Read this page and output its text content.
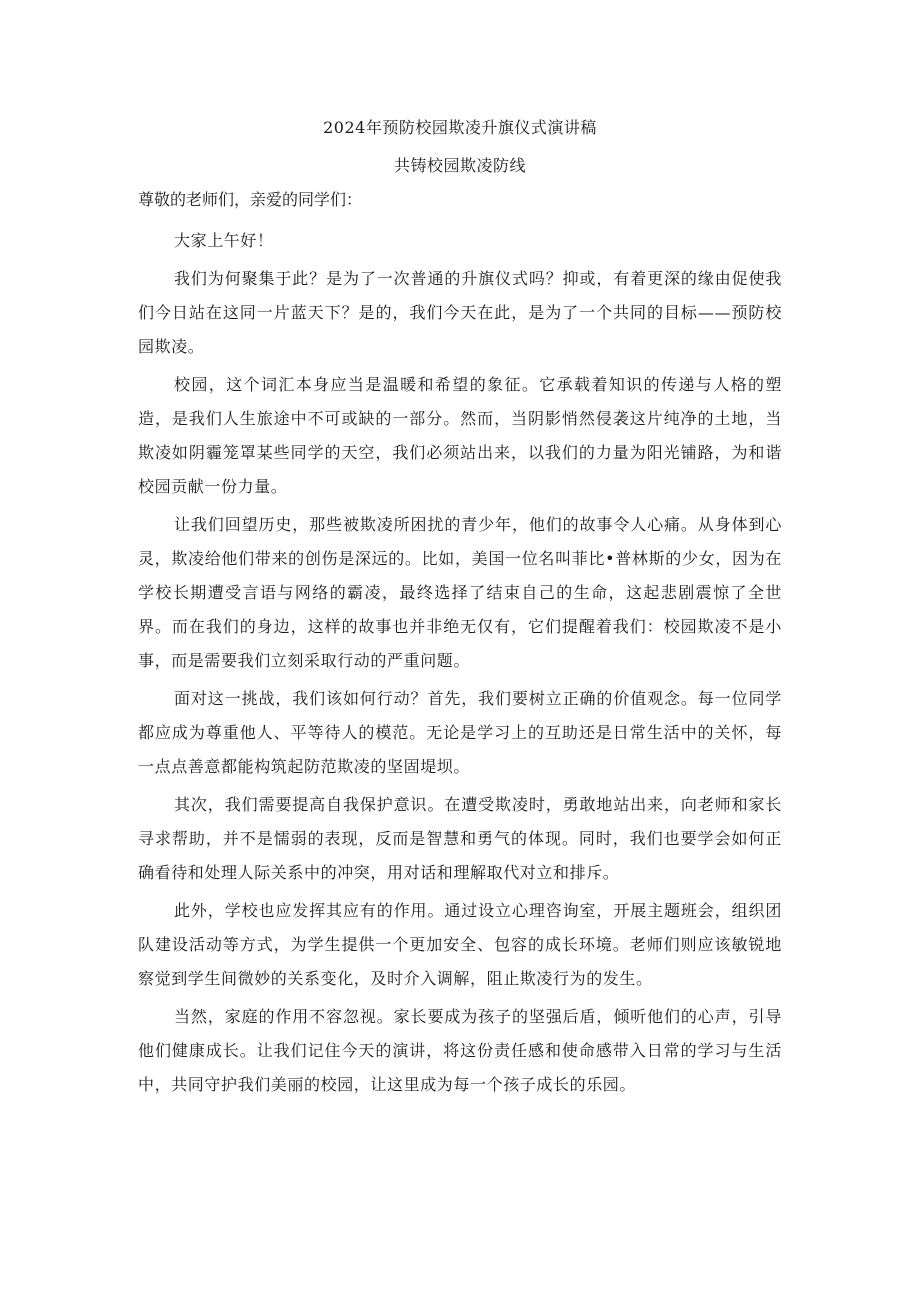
2024年预防校园欺凌升旗仪式演讲稿
共铸校园欺凌防线
尊敬的老师们，亲爱的同学们：

大家上午好！

我们为何聚集于此？是为了一次普通的升旗仪式吗？抑或，有着更深的缘由促使我们今日站在这同一片蓝天下？是的，我们今天在此，是为了一个共同的目标——预防校园欺凌。

校园，这个词汇本身应当是温暖和希望的象征。它承载着知识的传递与人格的塑造，是我们人生旅途中不可或缺的一部分。然而，当阴影悄然侵袭这片纯净的土地，当欺凌如阴霾笼罩某些同学的天空，我们必须站出来，以我们的力量为阳光铺路，为和谐校园贡献一份力量。

让我们回望历史，那些被欺凌所困扰的青少年，他们的故事令人心痛。从身体到心灵，欺凌给他们带来的创伤是深远的。比如，美国一位名叫菲比•普林斯的少女，因为在学校长期遭受言语与网络的霸凌，最终选择了结束自己的生命，这起悲剧震惊了全世界。而在我们的身边，这样的故事也并非绝无仅有，它们提醒着我们：校园欺凌不是小事，而是需要我们立刻采取行动的严重问题。

面对这一挑战，我们该如何行动？首先，我们要树立正确的价值观念。每一位同学都应成为尊重他人、平等待人的模范。无论是学习上的互助还是日常生活中的关怀，每一点点善意都能构筑起防范欺凌的坚固堤坝。

其次，我们需要提高自我保护意识。在遭受欺凌时，勇敢地站出来，向老师和家长寻求帮助，并不是懦弱的表现，反而是智慧和勇气的体现。同时，我们也要学会如何正确看待和处理人际关系中的冲突，用对话和理解取代对立和排斥。

此外，学校也应发挥其应有的作用。通过设立心理咨询室，开展主题班会，组织团队建设活动等方式，为学生提供一个更加安全、包容的成长环境。老师们则应该敏锐地察觉到学生间微妙的关系变化，及时介入调解，阻止欺凌行为的发生。

当然，家庭的作用不容忽视。家长要成为孩子的坚强后盾，倾听他们的心声，引导他们健康成长。让我们记住今天的演讲，将这份责任感和使命感带入日常的学习与生活中，共同守护我们美丽的校园，让这里成为每一个孩子成长的乐园。
